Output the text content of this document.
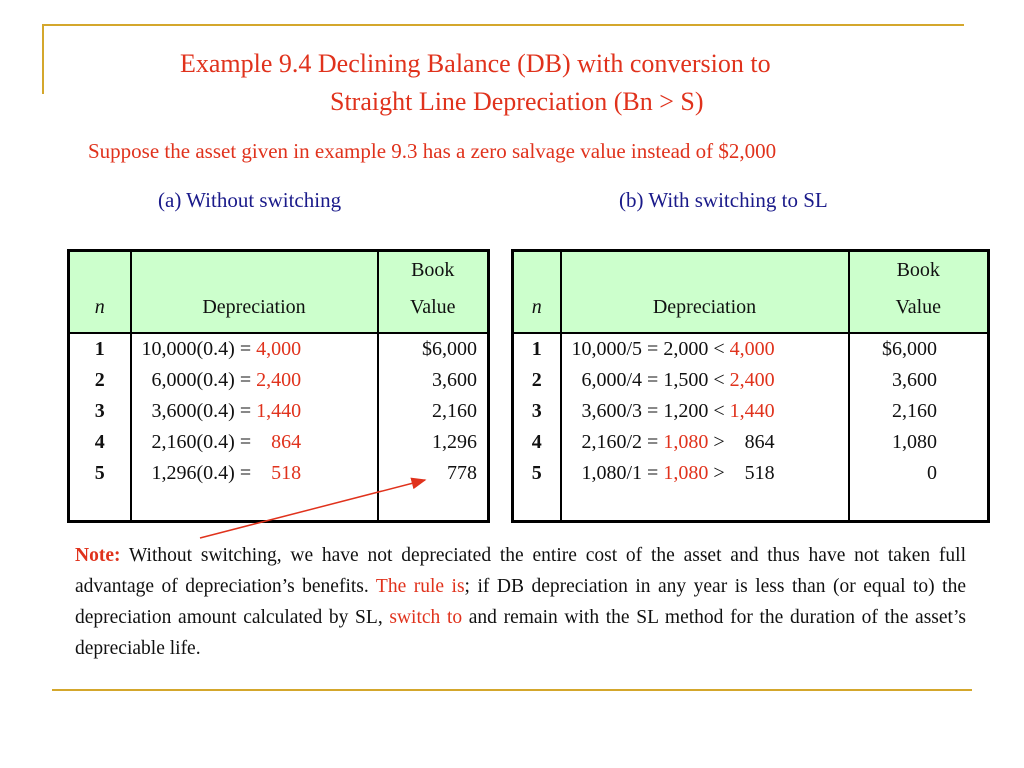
Example 9.4 Declining Balance (DB) with conversion to
Straight Line Depreciation (Bn > S)
Suppose the asset given in example 9.3 has a zero salvage value instead of $2,000
(a) Without switching	(b) With switching to SL
n	Depreciation	Book
Value
1	10,000(0.4) = 4,000	$6,000
2	6,000(0.4) = 2,400	3,600
3	3,600(0.4) = 1,440	2,160
4	2,160(0.4) =    864	1,296
5	1,296(0.4) =    518	778

n	Depreciation	Book
Value
1	10,000/5 = 2,000 < 4,000	$6,000
2	6,000/4 = 1,500 < 2,400	3,600
3	3,600/3 = 1,200 < 1,440	2,160
4	2,160/2 = 1,080 >    864	1,080
5	1,080/1 = 1,080 >    518	0

Note: Without switching, we have not depreciated the entire cost of the asset and thus have not taken full advantage of depreciation’s benefits. The rule is; if DB depreciation in any year is less than (or equal to) the depreciation amount calculated by SL, switch to and remain with the SL method for the duration of the asset’s depreciable life.
